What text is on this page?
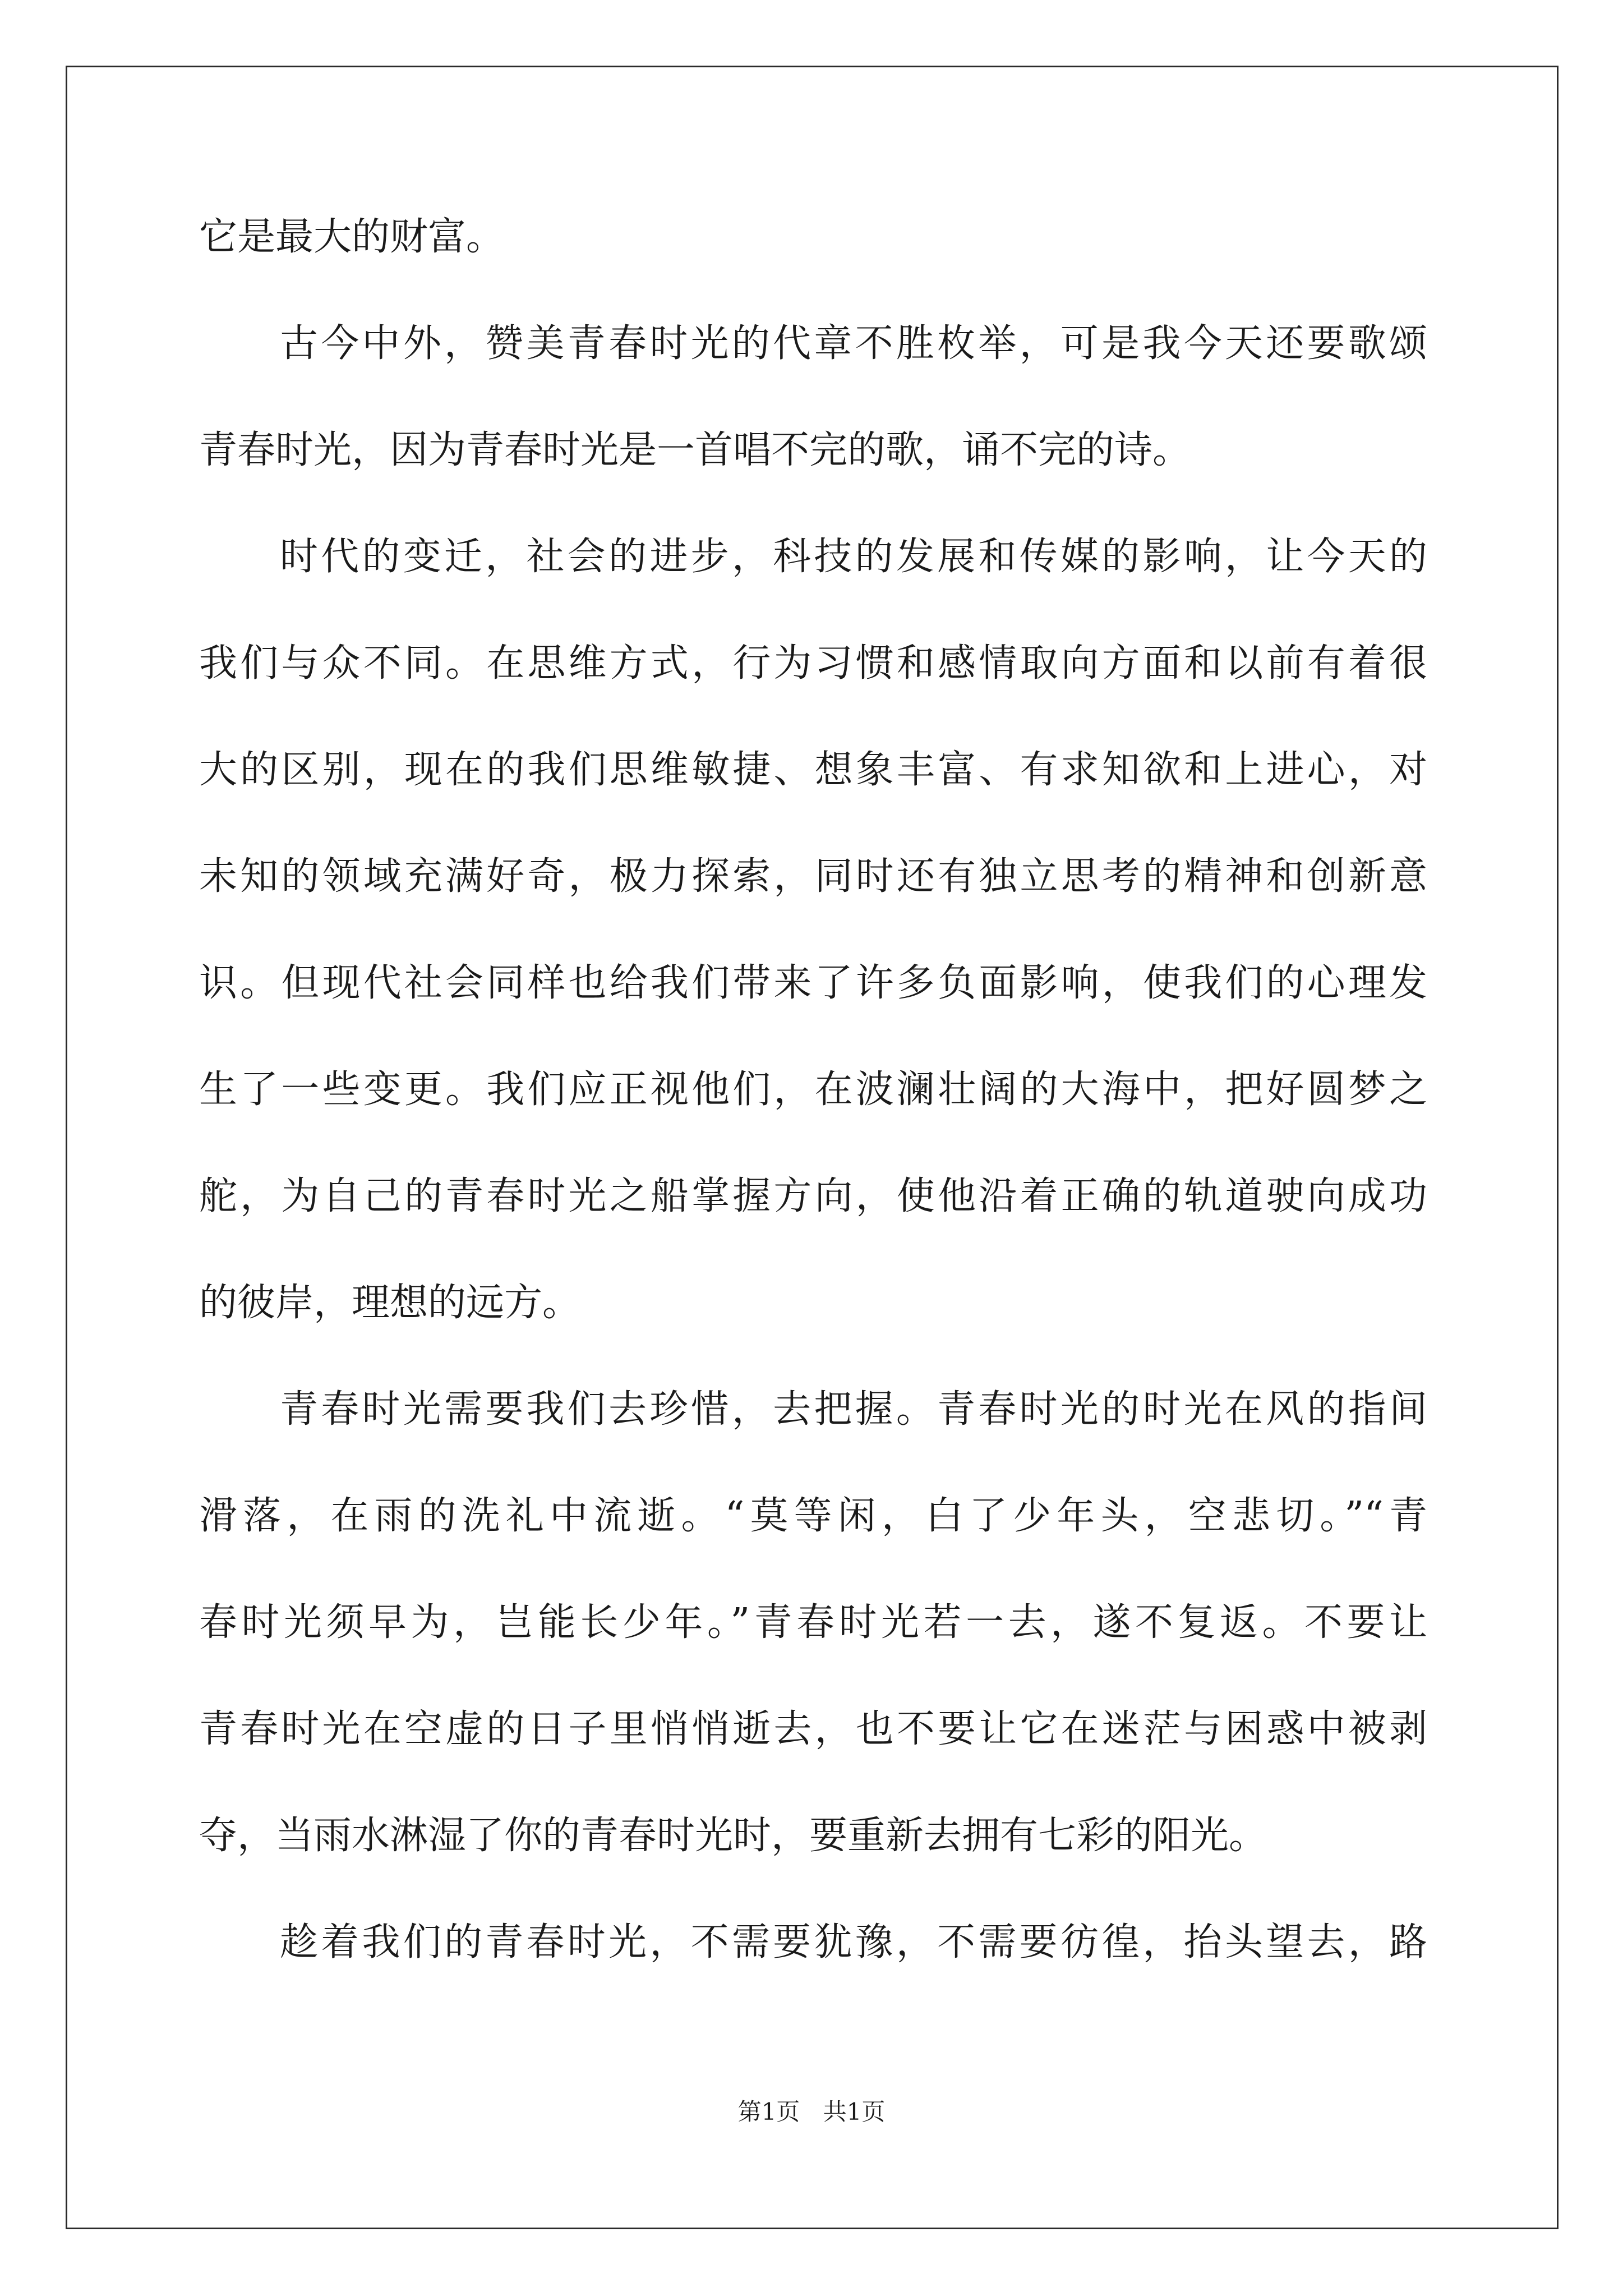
它是最大的财富。
古今中外，赞美青春时光的代章不胜枚举，可是我今天还要歌颂
青春时光，因为青春时光是一首唱不完的歌，诵不完的诗。
时代的变迁，社会的进步，科技的发展和传媒的影响，让今天的
我们与众不同。在思维方式，行为习惯和感情取向方面和以前有着很
大的区别，现在的我们思维敏捷、想象丰富、有求知欲和上进心，对
未知的领域充满好奇，极力探索，同时还有独立思考的精神和创新意
识。但现代社会同样也给我们带来了许多负面影响，使我们的心理发
生了一些变更。我们应正视他们，在波澜壮阔的大海中，把好圆梦之
舵，为自己的青春时光之船掌握方向，使他沿着正确的轨道驶向成功
的彼岸，理想的远方。
青春时光需要我们去珍惜，去把握。青春时光的时光在风的指间
滑落，在雨的洗礼中流逝。“莫等闲，白了少年头，空悲切。”“青
春时光须早为，岂能长少年。”青春时光若一去，遂不复返。不要让
青春时光在空虚的日子里悄悄逝去，也不要让它在迷茫与困惑中被剥
夺，当雨水淋湿了你的青春时光时，要重新去拥有七彩的阳光。
趁着我们的青春时光，不需要犹豫，不需要彷徨，抬头望去，路
第1页 共1页
